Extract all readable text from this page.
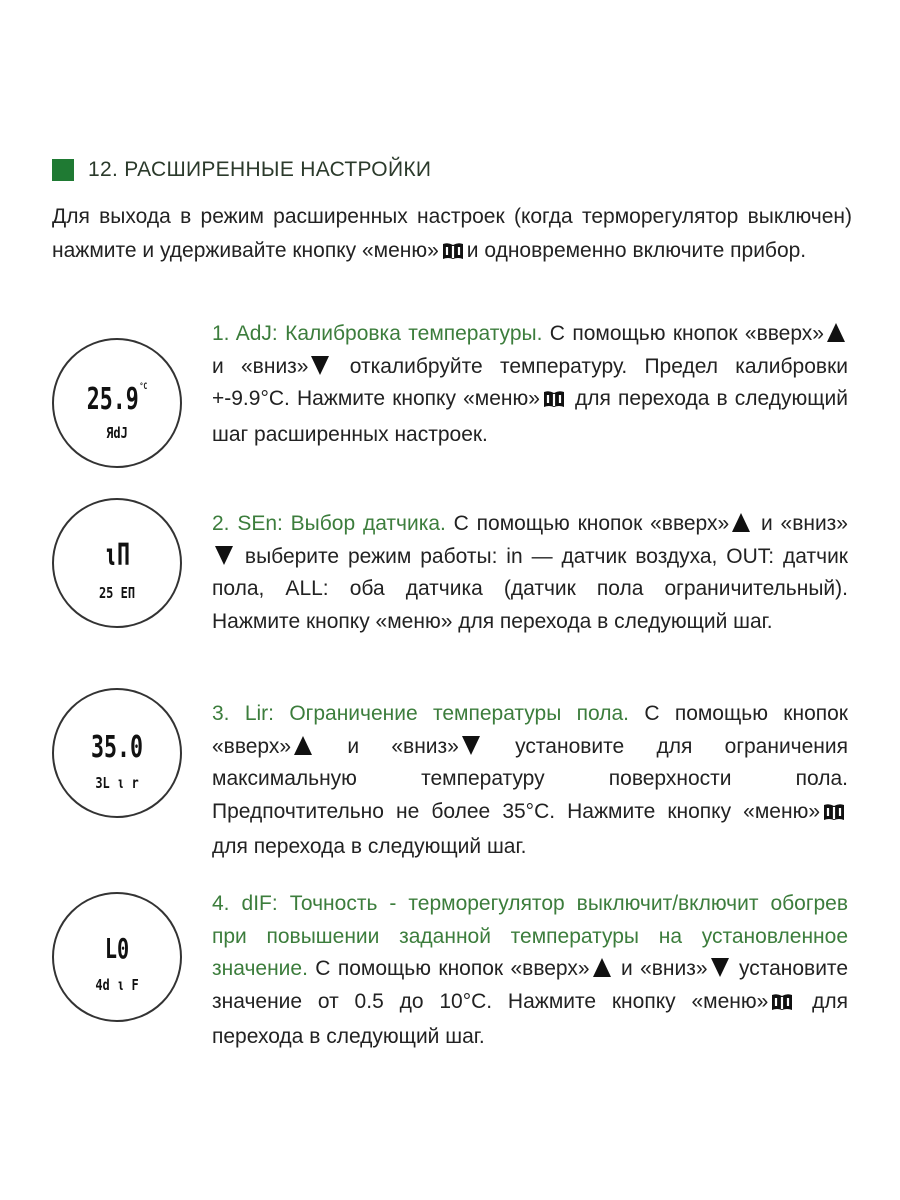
12. РАСШИРЕННЫЕ НАСТРОЙКИ
Для выхода в режим расширенных настроек (когда терморегулятор выключен) нажмите и удерживайте кнопку «меню» и одновременно включите прибор.
$25.9^{^\circ C}$
ЯdJ
1. AdJ: Калибровка температуры. С помощью кнопок «вверх» и «вниз» откалибруйте температуру. Предел калибровки +-9.9°C. Нажмите кнопку «меню» для перехода в следующий шаг расширенных настроек.
ιΠ
25 EΠ
2. SEn: Выбор датчика. С помощью кнопок «вверх» и «вниз» выберите режим работы: in — датчик воздуха, OUT: датчик пола, ALL: оба датчика (датчик пола ограничительный). Нажмите кнопку «меню» для перехода в следующий шаг.
35.0
3L ι r
3. Lir: Ограничение температуры пола. С помощью кнопок «вверх» и «вниз» установите для ограничения максимальную температуру поверхности пола. Предпочтительно не более 35°C. Нажмите кнопку «меню» для перехода в следующий шаг.
L0
4d ι F
4. dIF: Точность - терморегулятор выключит/включит обогрев при повышении заданной температуры на установленное значение. С помощью кнопок «вверх» и «вниз» установите значение от 0.5 до 10°C. Нажмите кнопку «меню» для перехода в следующий шаг.
